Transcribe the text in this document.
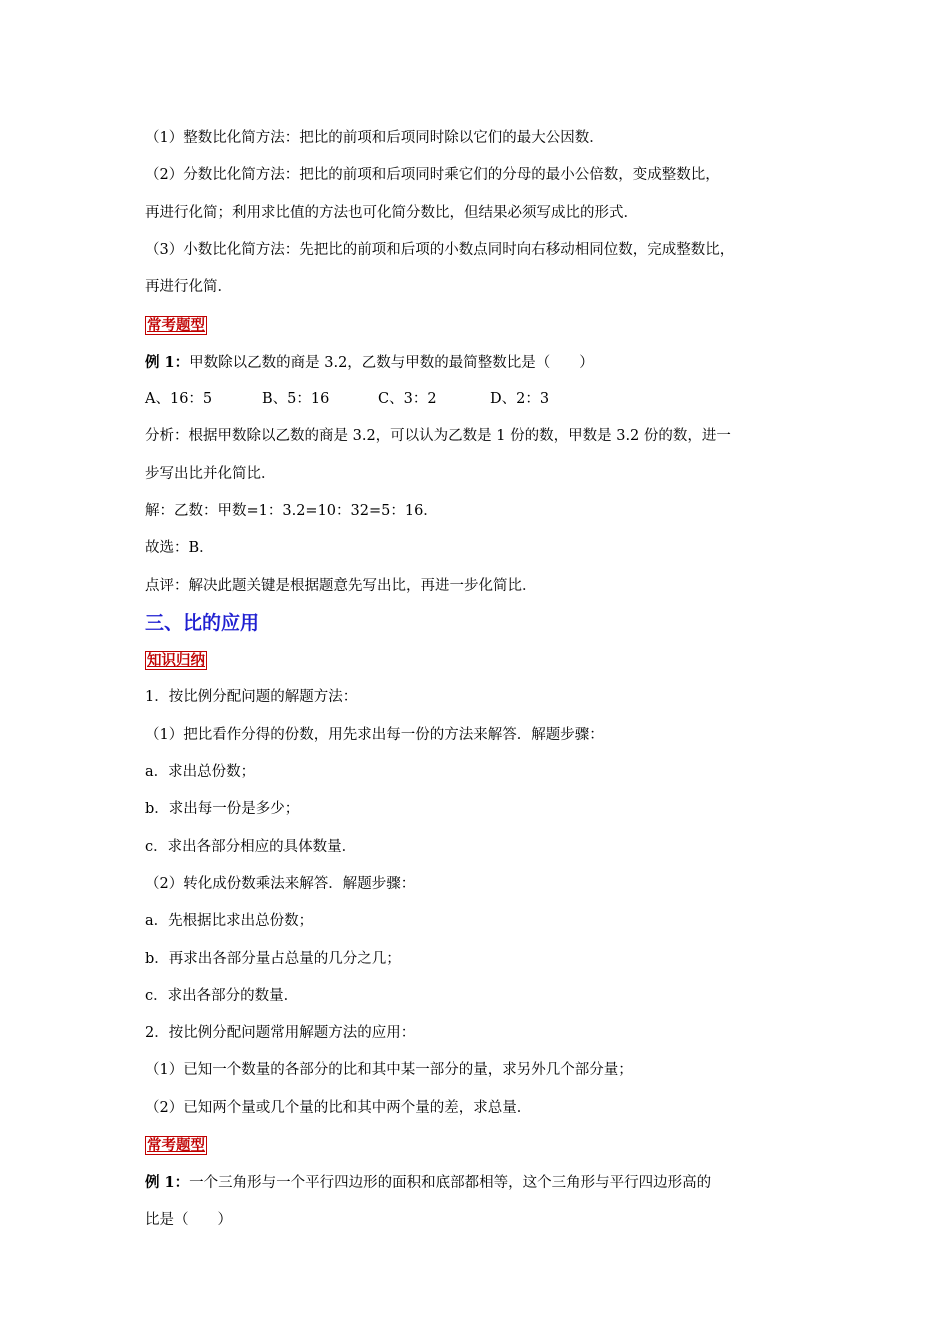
（1）整数比化简方法：把比的前项和后项同时除以它们的最大公因数．
（2）分数比化简方法：把比的前项和后项同时乘它们的分母的最小公倍数，变成整数比，
再进行化简；利用求比值的方法也可化简分数比，但结果必须写成比的形式．
（3）小数比化简方法：先把比的前项和后项的小数点同时向右移动相同位数，完成整数比，
再进行化简．
常考题型
例 1：甲数除以乙数的商是 3.2，乙数与甲数的最简整数比是（　　）
A、16：5	B、5：16	C、3：2	D、2：3
分析：根据甲数除以乙数的商是 3.2，可以认为乙数是 1 份的数，甲数是 3.2 份的数，进一
步写出比并化简比．
解：乙数：甲数=1：3.2=10：32=5：16．
故选：B．
点评：解决此题关键是根据题意先写出比，再进一步化简比．
三、比的应用
知识归纳
1．按比例分配问题的解题方法：
（1）把比看作分得的份数，用先求出每一份的方法来解答．解题步骤：
a．求出总份数；
b．求出每一份是多少；
c．求出各部分相应的具体数量．
（2）转化成份数乘法来解答．解题步骤：
a．先根据比求出总份数；
b．再求出各部分量占总量的几分之几；
c．求出各部分的数量．
2．按比例分配问题常用解题方法的应用：
（1）已知一个数量的各部分的比和其中某一部分的量，求另外几个部分量；
（2）已知两个量或几个量的比和其中两个量的差，求总量．
常考题型
例 1：一个三角形与一个平行四边形的面积和底部都相等，这个三角形与平行四边形高的
比是（　　）
